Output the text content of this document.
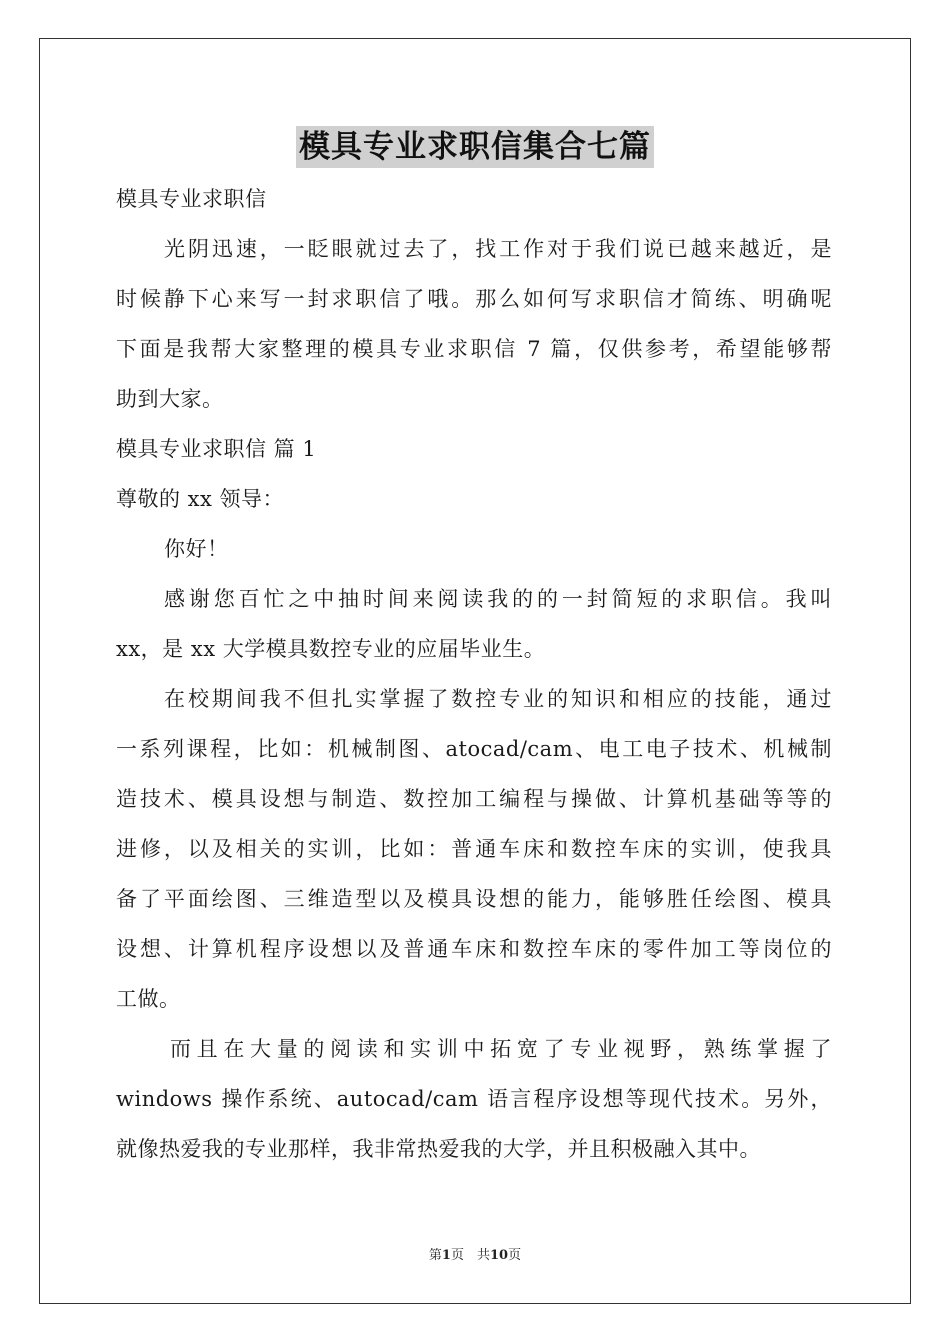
模具专业求职信集合七篇
模具专业求职信
光阴迅速，一眨眼就过去了，找工作对于我们说已越来越近，是
时候静下心来写一封求职信了哦。那么如何写求职信才简练、明确呢
下面是我帮大家整理的模具专业求职信 7 篇，仅供参考，希望能够帮
助到大家。
模具专业求职信 篇 1
尊敬的 xx 领导：
你好！
感谢您百忙之中抽时间来阅读我的的一封简短的求职信。我叫
xx，是 xx 大学模具数控专业的应届毕业生。
在校期间我不但扎实掌握了数控专业的知识和相应的技能，通过
一系列课程，比如：机械制图、atocad/cam、电工电子技术、机械制
造技术、模具设想与制造、数控加工编程与操做、计算机基础等等的
进修，以及相关的实训，比如：普通车床和数控车床的实训，使我具
备了平面绘图、三维造型以及模具设想的能力，能够胜任绘图、模具
设想、计算机程序设想以及普通车床和数控车床的零件加工等岗位的
工做。
而且在大量的阅读和实训中拓宽了专业视野，熟练掌握了
windows 操作系统、autocad/cam 语言程序设想等现代技术。另外，
就像热爱我的专业那样，我非常热爱我的大学，并且积极融入其中。
第1页　共10页
